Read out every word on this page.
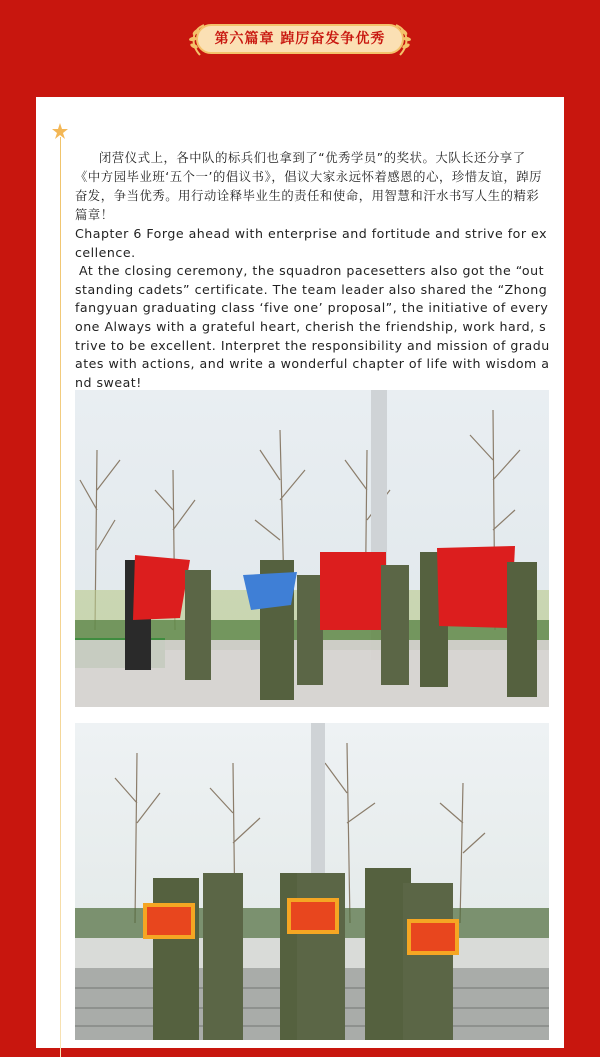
第六篇章 踔厉奋发争优秀

闭营仪式上，各中队的标兵们也拿到了“优秀学员”的奖状。大队长还分享了《中方园毕业班‘五个一’的倡议书》，倡议大家永远怀着感恩的心，珍惜友谊，踔厉奋发，争当优秀。用行动诠释毕业生的责任和使命，用智慧和汗水书写人生的精彩篇章！

Chapter 6 Forge ahead with enterprise and fortitude and strive for excellence.

At the closing ceremony, the squadron pacesetters also got the “outstanding cadets” certificate. The team leader also shared the “Zhongfangyuan graduating class ‘five one’ proposal”, the initiative of every one Always with a grateful heart, cherish the friendship, work hard, strive to be excellent. Interpret the responsibility and mission of graduates with actions, and write a wonderful chapter of life with wisdom and sweat!
